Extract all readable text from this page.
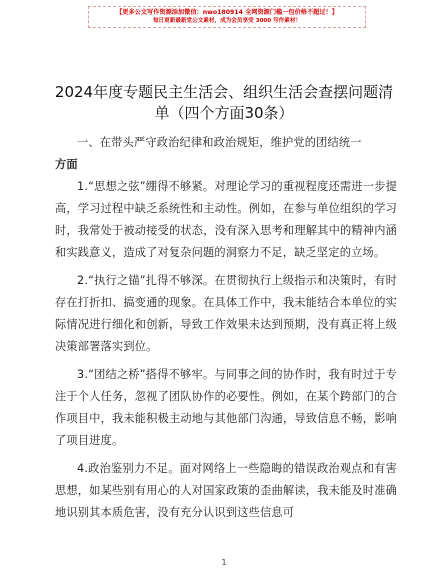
【更多公文写作资源添加微信：nwo180914 全网资源门槛一包价格不超过！】
每日更新最新党公文素材，成为会员享受 3000 写作素材！
2024年度专题民主生活会、组织生活会查摆问题清单（四个方面30条）
一、在带头严守政治纪律和政治规矩，维护党的团结统一
方面
1.“思想之弦”绷得不够紧。对理论学习的重视程度还需进一步提高，学习过程中缺乏系统性和主动性。例如，在参与单位组织的学习时，我常处于被动接受的状态，没有深入思考和理解其中的精神内涵和实践意义，造成了对复杂问题的洞察力不足，缺乏坚定的立场。
2.“执行之锚”扎得不够深。在贯彻执行上级指示和决策时，有时存在打折扣、搞变通的现象。在具体工作中，我未能结合本单位的实际情况进行细化和创新，导致工作效果未达到预期，没有真正将上级决策部署落实到位。
3.“团结之桥”搭得不够牢。与同事之间的协作时，我有时过于专注于个人任务，忽视了团队协作的必要性。例如，在某个跨部门的合作项目中，我未能积极主动地与其他部门沟通，导致信息不畅，影响了项目进度。
4.政治鉴别力不足。面对网络上一些隐晦的错误政治观点和有害思想，如某些别有用心的人对国家政策的歪曲解读，我未能及时准确地识别其本质危害，没有充分认识到这些信息可
1
